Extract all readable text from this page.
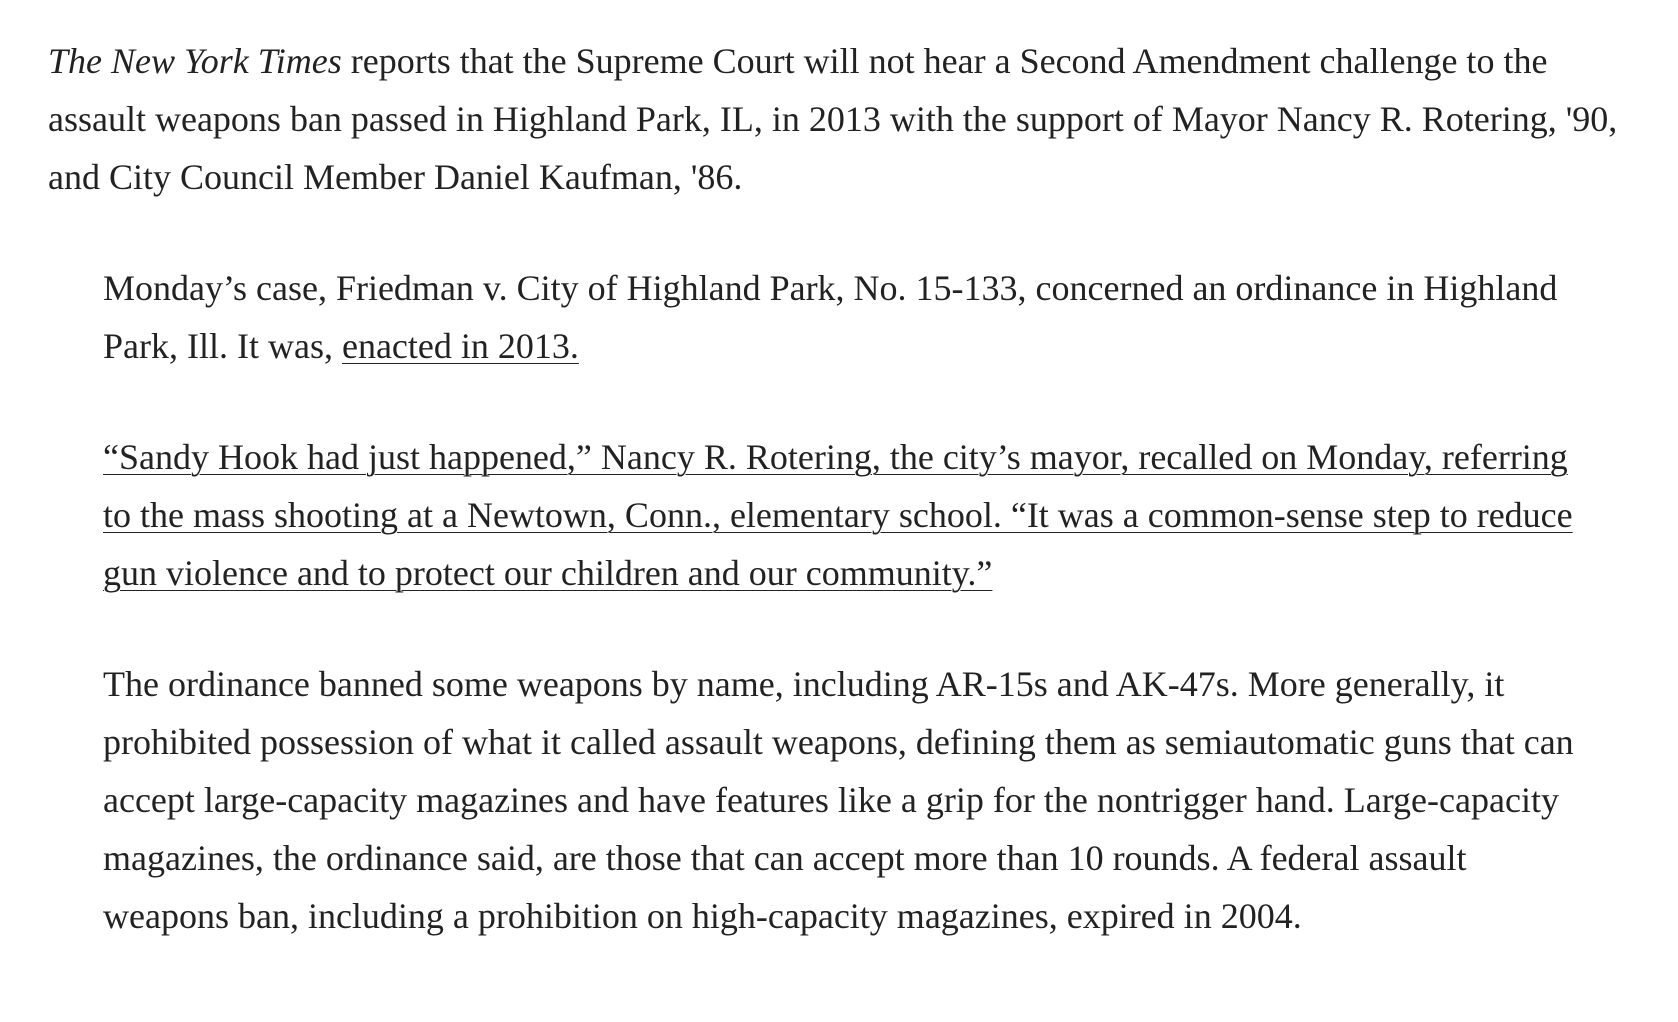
The New York Times reports that the Supreme Court will not hear a Second Amendment challenge to the assault weapons ban passed in Highland Park, IL, in 2013 with the support of Mayor Nancy R. Rotering, '90, and City Council Member Daniel Kaufman, '86.

Monday’s case, Friedman v. City of Highland Park, No. 15-133, concerned an ordinance in Highland Park, Ill. It was, enacted in 2013.

“Sandy Hook had just happened,” Nancy R. Rotering, the city’s mayor, recalled on Monday, referring to the mass shooting at a Newtown, Conn., elementary school. “It was a common-sense step to reduce gun violence and to protect our children and our community.”

The ordinance banned some weapons by name, including AR-15s and AK-47s. More generally, it prohibited possession of what it called assault weapons, defining them as semiautomatic guns that can accept large-capacity magazines and have features like a grip for the nontrigger hand. Large-capacity magazines, the ordinance said, are those that can accept more than 10 rounds. A federal assault weapons ban, including a prohibition on high-capacity magazines, expired in 2004.
